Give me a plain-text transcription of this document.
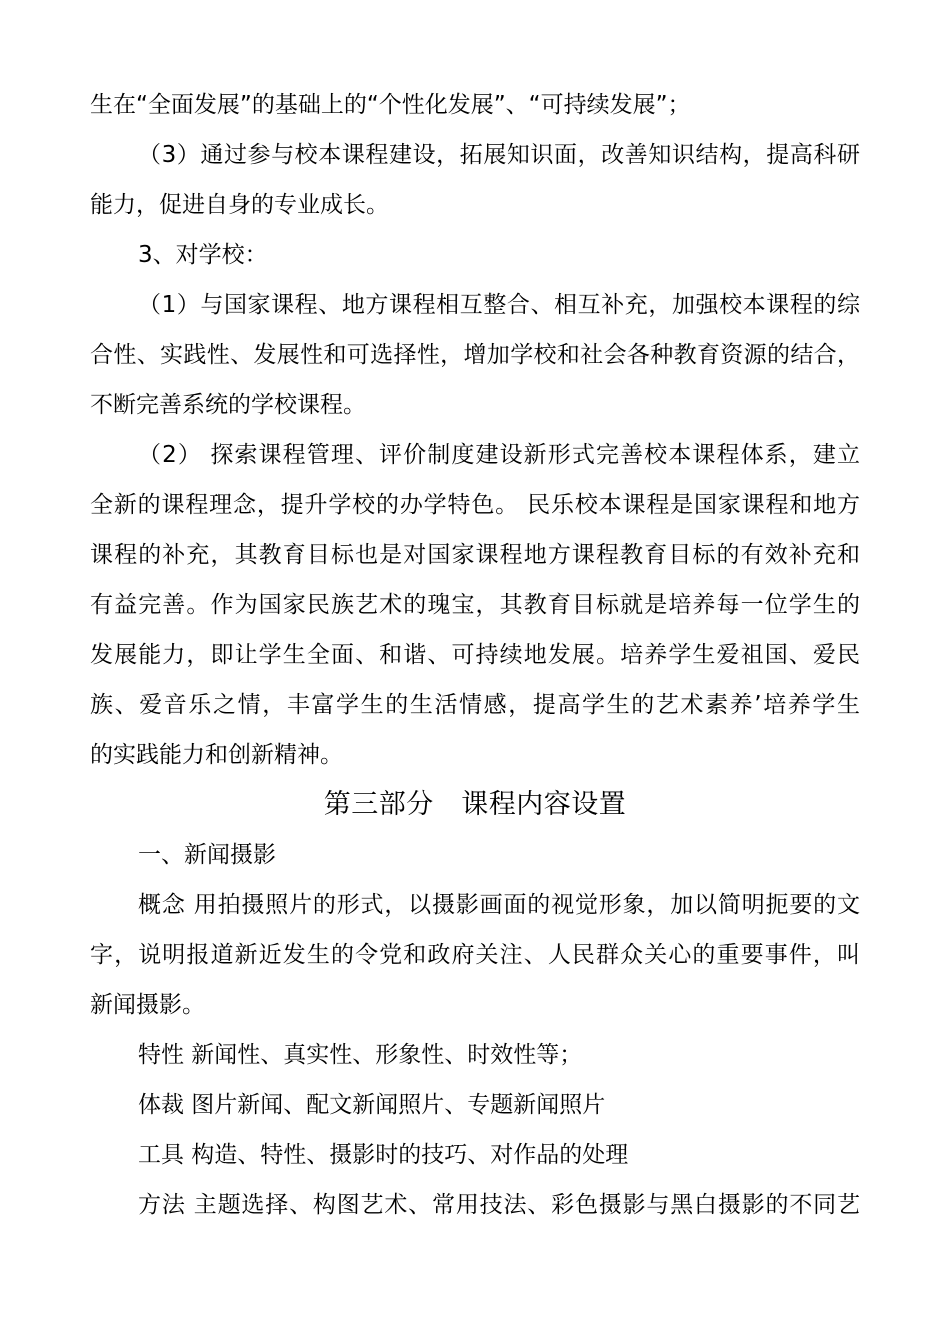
生在“全面发展”的基础上的“个性化发展”、“可持续发展”；
（3）通过参与校本课程建设，拓展知识面，改善知识结构，提高科研
能力，促进自身的专业成长。
3、对学校：
（1）与国家课程、地方课程相互整合、相互补充，加强校本课程的综
合性、实践性、发展性和可选择性，增加学校和社会各种教育资源的结合，
不断完善系统的学校课程。
（2） 探索课程管理、评价制度建设新形式完善校本课程体系，建立
全新的课程理念，提升学校的办学特色。 民乐校本课程是国家课程和地方
课程的补充，其教育目标也是对国家课程地方课程教育目标的有效补充和
有益完善。作为国家民族艺术的瑰宝，其教育目标就是培养每一位学生的
发展能力，即让学生全面、和谐、可持续地发展。培养学生爱祖国、爱民
族、爱音乐之情，丰富学生的生活情感，提高学生的艺术素养’培养学生
的实践能力和创新精神。
第三部分　课程内容设置
一、新闻摄影
概念 用拍摄照片的形式，以摄影画面的视觉形象，加以简明扼要的文
字，说明报道新近发生的令党和政府关注、人民群众关心的重要事件，叫
新闻摄影。
特性 新闻性、真实性、形象性、时效性等；
体裁 图片新闻、配文新闻照片、专题新闻照片
工具 构造、特性、摄影时的技巧、对作品的处理
方法 主题选择、构图艺术、常用技法、彩色摄影与黑白摄影的不同艺
